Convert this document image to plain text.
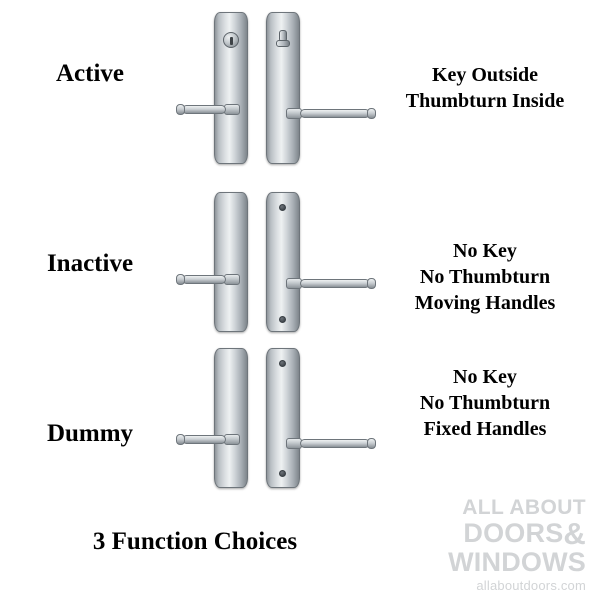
Active	Key Outside
Thumbturn Inside
Inactive	No Key
No Thumbturn
Moving Handles
Dummy
No Key
No Thumbturn
Fixed Handles
3 Function Choices
ALL ABOUT
DOORS&
WINDOWS
allaboutdoors.com
